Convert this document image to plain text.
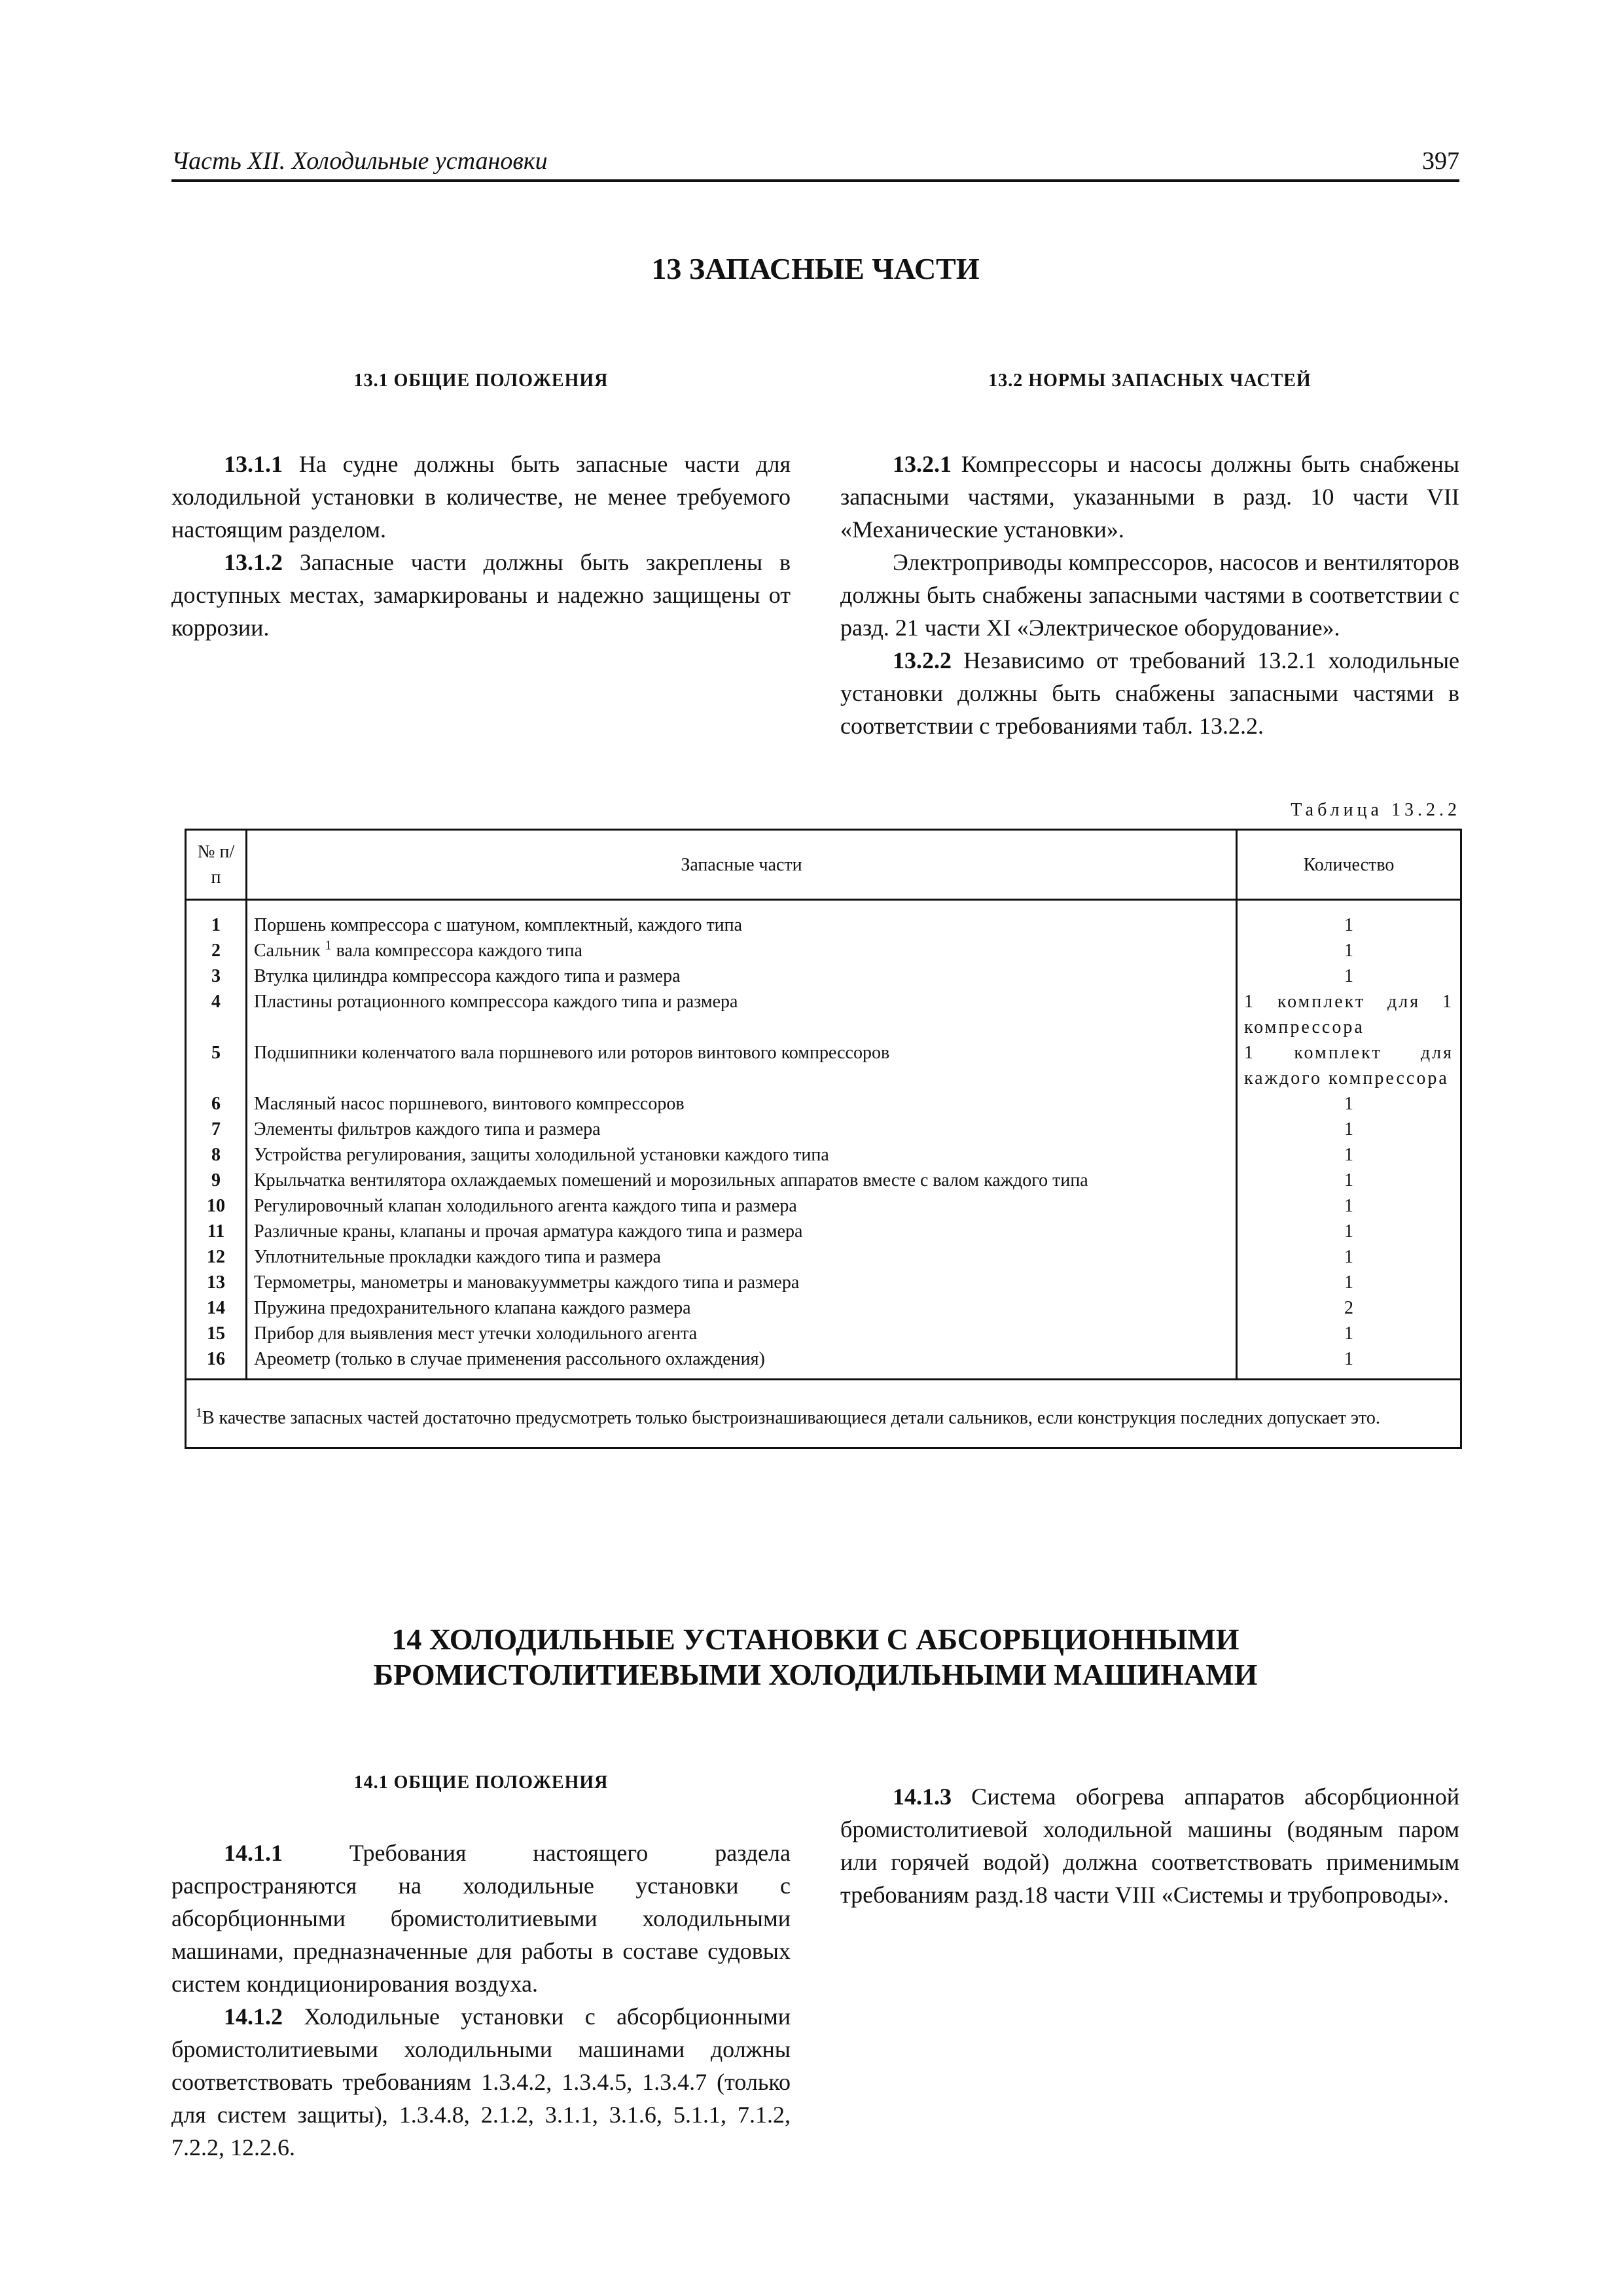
Часть XII. Холодильные установки	397
13 ЗАПАСНЫЕ ЧАСТИ
13.1 ОБЩИЕ ПОЛОЖЕНИЯ

13.1.1 На судне должны быть запасные части для холодильной установки в количестве, не менее требуемого настоящим разделом.

13.1.2 Запасные части должны быть закреплены в доступных местах, замаркированы и надежно защищены от коррозии.

13.2 НОРМЫ ЗАПАСНЫХ ЧАСТЕЙ

13.2.1 Компрессоры и насосы должны быть снабжены запасными частями, указанными в разд. 10 части VII «Механические установки».

Электроприводы компрессоров, насосов и вентиляторов должны быть снабжены запасными частями в соответствии с разд. 21 части XI «Электрическое оборудование».

13.2.2 Независимо от требований 13.2.1 холодильные установки должны быть снабжены запасными частями в соответствии с требованиями табл. 13.2.2.

Таблица 13.2.2
№ п/п	Запасные части	Количество
1	Поршень компрессора с шатуном, комплектный, каждого типа	1
2	Сальник $^1$ вала компрессора каждого типа	1
3	Втулка цилиндра компрессора каждого типа и размера	1
4	Пластины ротационного компрессора каждого типа и размера	1 комплект для 1 компрессора
5	Подшипники коленчатого вала поршневого или роторов винтового компрессоров	1 комплект для каждого компрессора
6	Масляный насос поршневого, винтового компрессоров	1
7	Элементы фильтров каждого типа и размера	1
8	Устройства регулирования, защиты холодильной установки каждого типа	1
9	Крыльчатка вентилятора охлаждаемых помешений и морозильных аппаратов вместе с валом каждого типа	1
10	Регулировочный клапан холодильного агента каждого типа и размера	1
11	Различные краны, клапаны и прочая арматура каждого типа и размера	1
12	Уплотнительные прокладки каждого типа и размера	1
13	Термометры, манометры и мановакуумметры каждого типа и размера	1
14	Пружина предохранительного клапана каждого размера	2
15	Прибор для выявления мест утечки холодильного агента	1
16	Ареометр (только в случае применения рассольного охлаждения)	1
$^1$В качестве запасных частей достаточно предусмотреть только быстроизнашивающиеся детали сальников, если конструкция последних допускает это.		
14 ХОЛОДИЛЬНЫЕ УСТАНОВКИ С АБСОРБЦИОННЫМИ
БРОМИСТОЛИТИЕВЫМИ ХОЛОДИЛЬНЫМИ МАШИНАМИ
14.1 ОБЩИЕ ПОЛОЖЕНИЯ

14.1.1 Требования настоящего раздела распространяются на холодильные установки с абсорбционными бромистолитиевыми холодильными машинами, предназначенные для работы в составе судовых систем кондиционирования воздуха.

14.1.2 Холодильные установки с абсорбционными бромистолитиевыми холодильными машинами должны соответствовать требованиям 1.3.4.2, 1.3.4.5, 1.3.4.7 (только для систем защиты), 1.3.4.8, 2.1.2, 3.1.1, 3.1.6, 5.1.1, 7.1.2, 7.2.2, 12.2.6.

14.1.3 Система обогрева аппаратов абсорбционной бромистолитиевой холодильной машины (водяным паром или горячей водой) должна соответствовать применимым требованиям разд.18 части VIII «Системы и трубопроводы».
